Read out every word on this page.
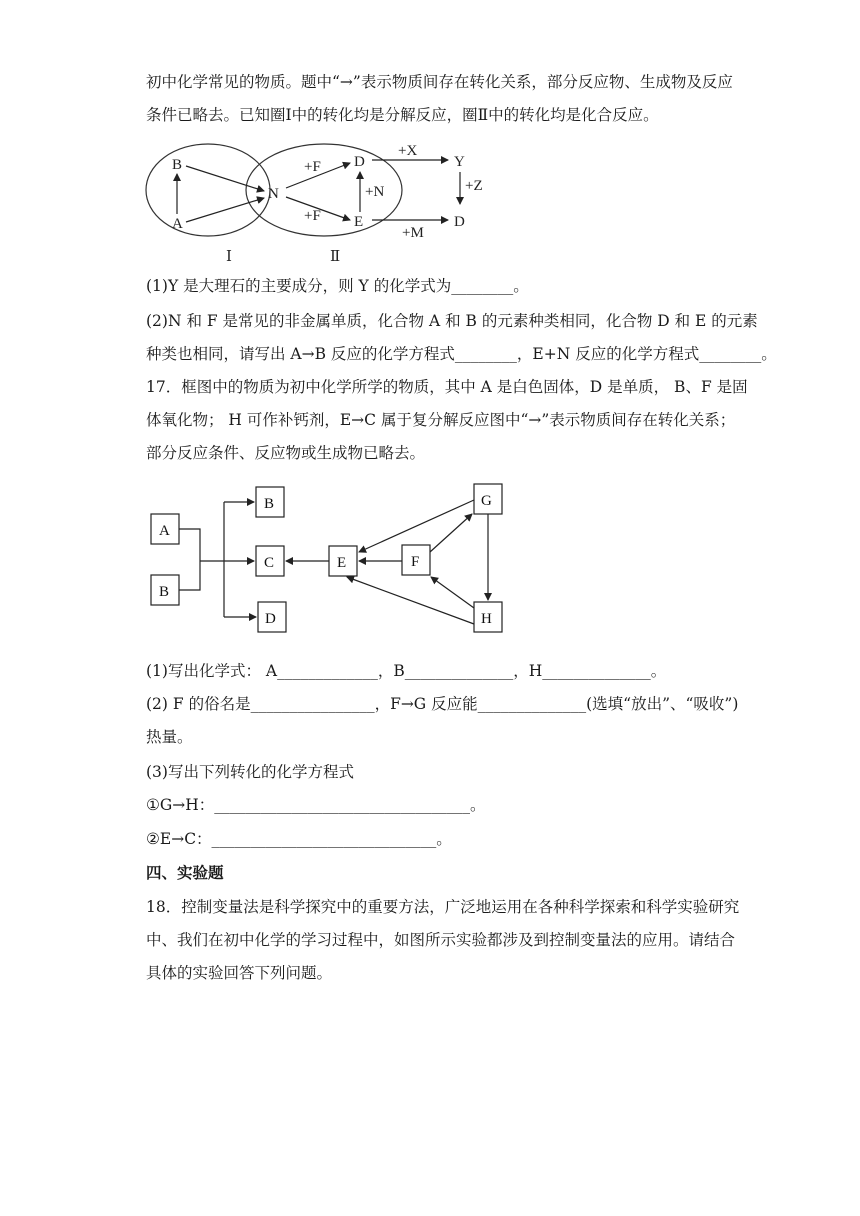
初中化学常见的物质。题中“→”表示物质间存在转化关系，部分反应物、生成物及反应
条件已略去。已知圈Ⅰ中的转化均是分解反应，圈Ⅱ中的转化均是化合反应。
B
A
N
D
E
Y
D
+F
+F
+N
+X
+Z
+M
Ⅰ	Ⅱ
(1)Y 是大理石的主要成分，则 Y 的化学式为________。
(2)N 和 F 是常见的非金属单质，化合物 A 和 B 的元素种类相同，化合物 D 和 E 的元素
种类也相同，请写出 A→B 反应的化学方程式________，E+N 反应的化学方程式________。
17．框图中的物质为初中化学所学的物质，其中 A 是白色固体，D 是单质， B、F 是固
体氧化物； H 可作补钙剂，E→C 属于复分解反应图中“→”表示物质间存在转化关系；
部分反应条件、反应物或生成物已略去。
A
B
B
C
D
E	F
G
H
(1)写出化学式： A_____________，B______________，H______________。
(2) F 的俗名是________________，F→G 反应能______________(选填“放出”、“吸收”)
热量。
(3)写出下列转化的化学方程式
①G→H：_________________________________。
②E→C：_____________________________。
四、实验题
18．控制变量法是科学探究中的重要方法，广泛地运用在各种科学探索和科学实验研究
中、我们在初中化学的学习过程中，如图所示实验都涉及到控制变量法的应用。请结合
具体的实验回答下列问题。
